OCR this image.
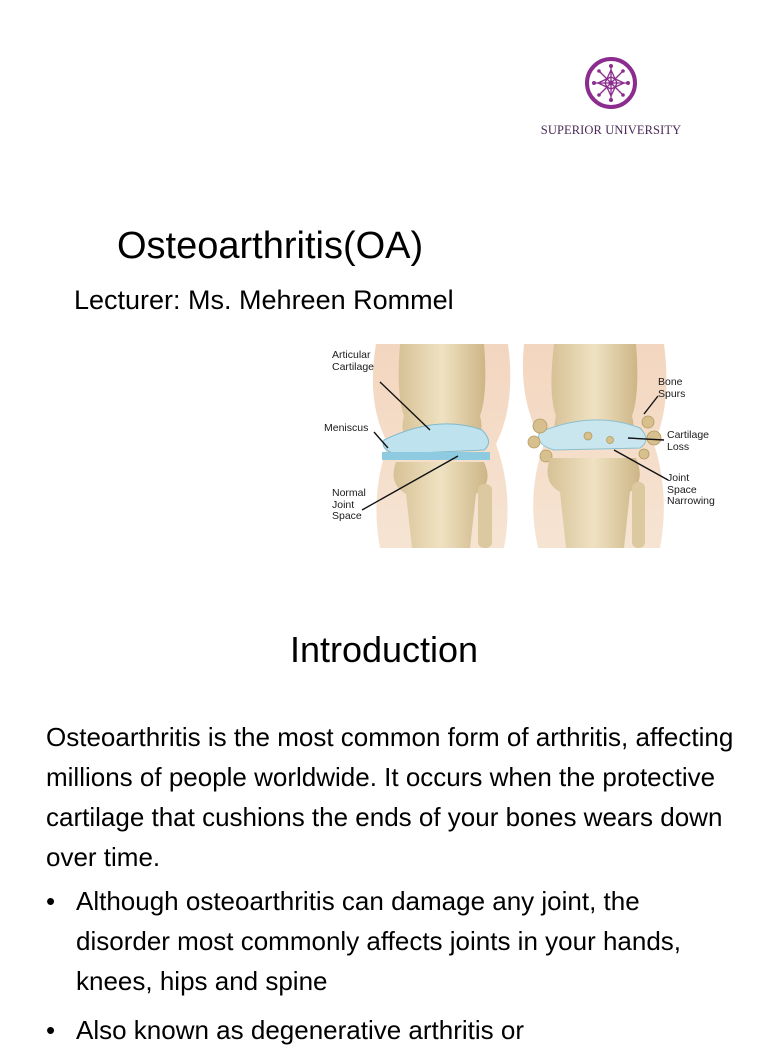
SUPERIOR UNIVERSITY
Osteoarthritis(OA)
Lecturer: Ms. Mehreen Rommel
Articular
Cartilage
Meniscus
Normal
Joint
Space
Bone
Spurs
Cartilage
Loss
Joint
Space
Narrowing
Introduction

Osteoarthritis is the most common form of arthritis, affecting millions of people worldwide. It occurs when the protective cartilage that cushions the ends of your bones wears down over time.

• Although osteoarthritis can damage any joint, the disorder most commonly affects joints in your hands, knees, hips and spine
• Also known as degenerative arthritis or
